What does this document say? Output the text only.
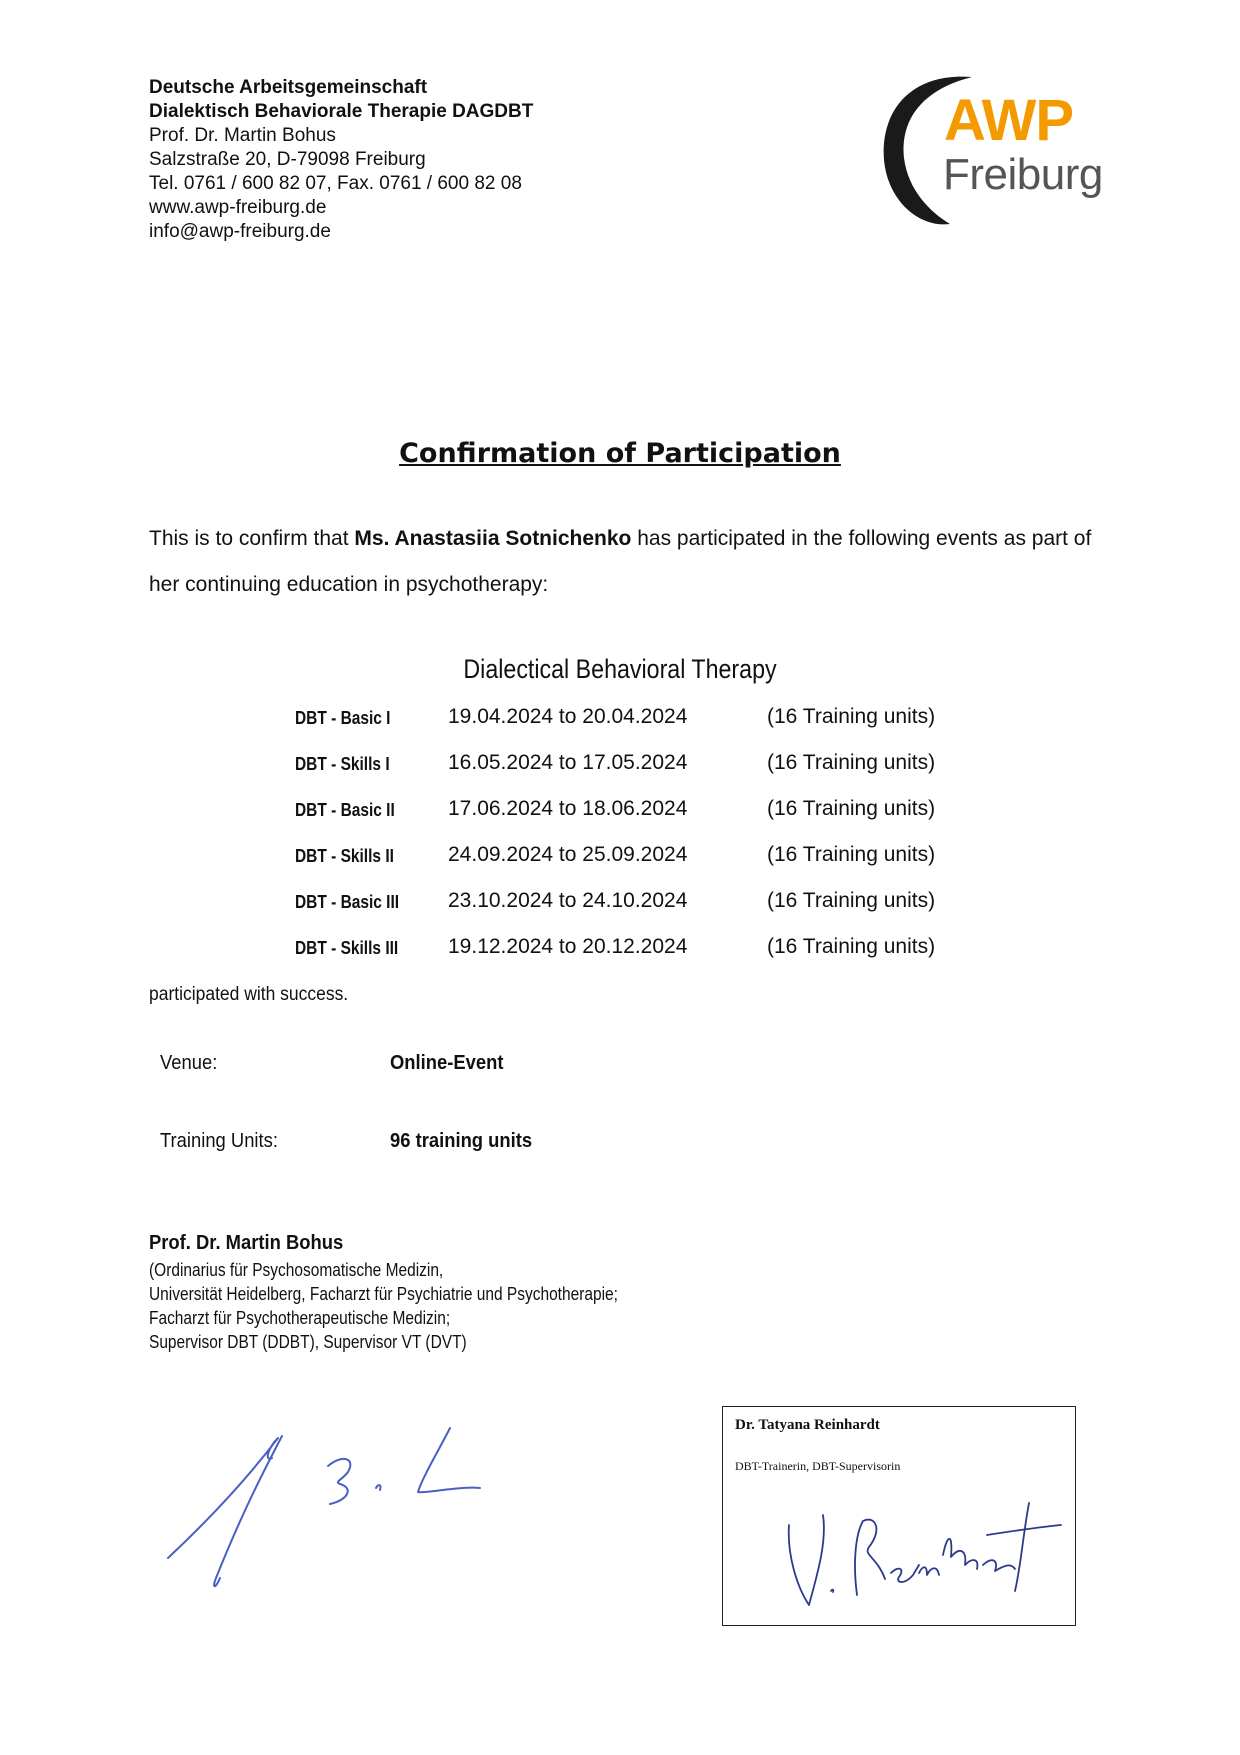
Deutsche Arbeitsgemeinschaft
Dialektisch Behaviorale Therapie DAGDBT
Prof. Dr. Martin Bohus
Salzstraße 20, D-79098 Freiburg
Tel. 0761 / 600 82 07, Fax. 0761 / 600 82 08
www.awp-freiburg.de
info@awp-freiburg.de
AWP
Freiburg
Confirmation of Participation
This is to confirm that Ms. Anastasiia Sotnichenko has participated in the following events as part of her continuing education in psychotherapy:
Dialectical Behavioral Therapy
DBT - Basic I	19.04.2024 to 20.04.2024	(16 Training units)
DBT - Skills I	16.05.2024 to 17.05.2024	(16 Training units)
DBT - Basic II	17.06.2024 to 18.06.2024	(16 Training units)
DBT - Skills II	24.09.2024 to 25.09.2024	(16 Training units)
DBT - Basic III 23.10.2024 to 24.10.2024	(16 Training units)
DBT - Skills III 19.12.2024 to 20.12.2024	(16 Training units)
participated with success.
Venue:	Online-Event
Training Units:	96 training units
Prof. Dr. Martin Bohus
(Ordinarius für Psychosomatische Medizin,
Universität Heidelberg, Facharzt für Psychiatrie und Psychotherapie;
Facharzt für Psychotherapeutische Medizin;
Supervisor DBT (DDBT), Supervisor VT (DVT)
Dr. Tatyana Reinhardt
DBT-Trainerin, DBT-Supervisorin
